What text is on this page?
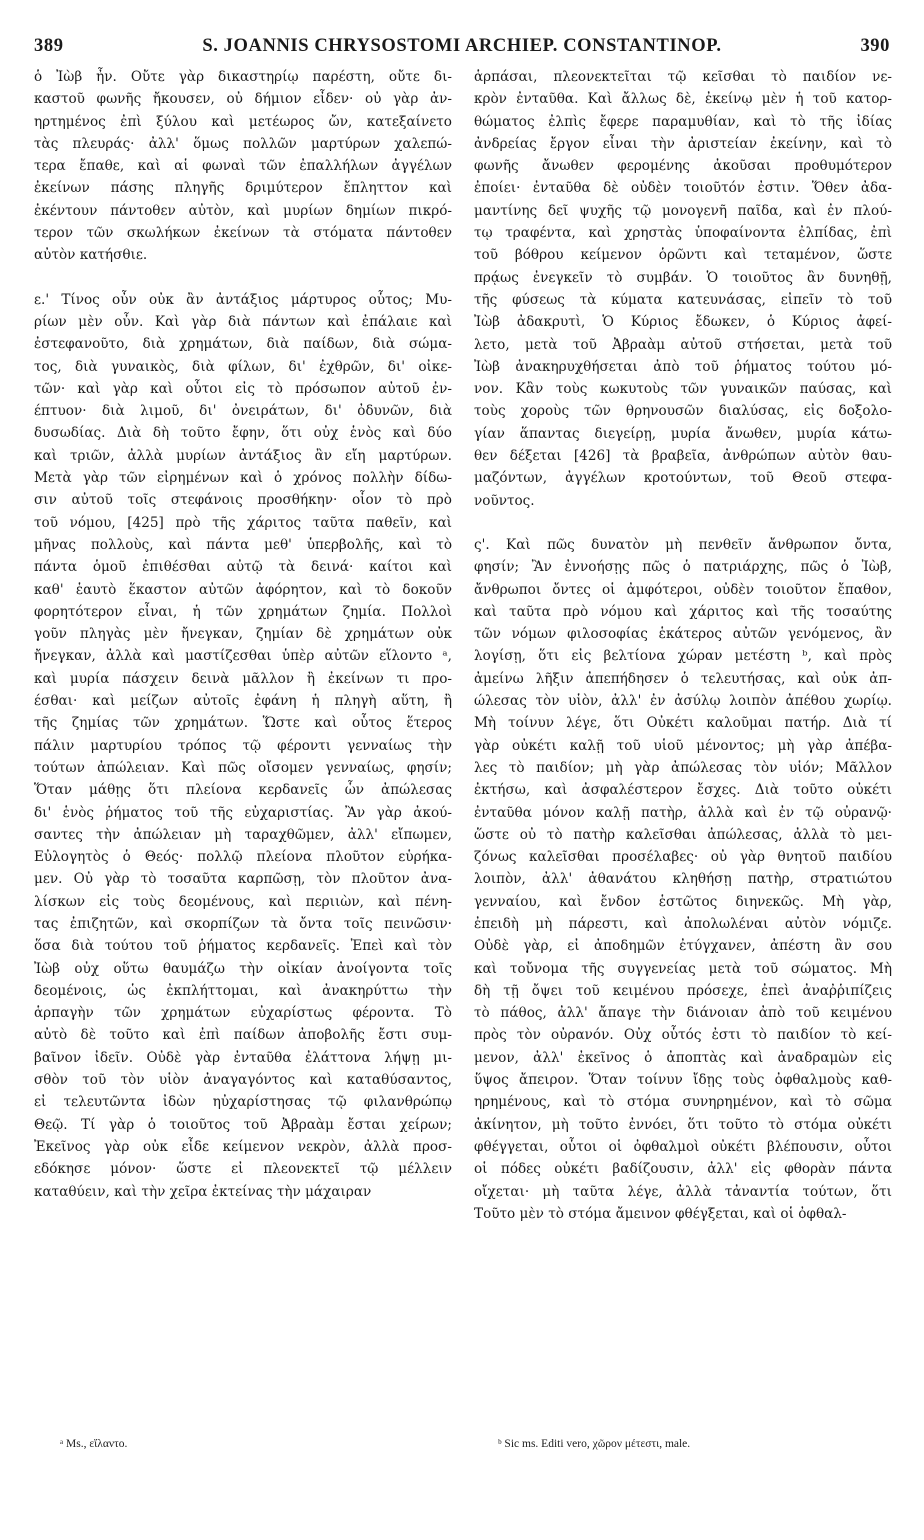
389	S. JOANNIS CHRYSOSTOMI ARCHIEP. CONSTANTINOP.	390
ὁ Ἰὼβ ἦν. Οὔτε γὰρ δικαστηρίῳ παρέστη, οὔτε δι-
καστοῦ φωνῆς ἤκουσεν, οὐ δήμιον εἶδεν· οὐ γὰρ ἀν-
ηρτημένος ἐπὶ ξύλου καὶ μετέωρος ὤν, κατεξαίνετο
τὰς πλευράς· ἀλλ' ὅμως πολλῶν μαρτύρων χαλεπώ-
τερα ἔπαθε, καὶ αἱ φωναὶ τῶν ἐπαλλήλων ἀγγέλων
ἐκείνων πάσης πληγῆς δριμύτερον ἔπληττον καὶ
ἐκέντουν πάντοθεν αὐτὸν, καὶ μυρίων δημίων πικρό-
τερον τῶν σκωλήκων ἐκείνων τὰ στόματα πάντοθεν
αὐτὸν κατήσθιε.
ε.' Τίνος οὖν οὐκ ἂν ἀντάξιος μάρτυρος οὗτος; Μυ-
ρίων μὲν οὖν. Καὶ γὰρ διὰ πάντων καὶ ἐπάλαιε καὶ
ἐστεφανοῦτο, διὰ χρημάτων, διὰ παίδων, διὰ σώμα-
τος, διὰ γυναικὸς, διὰ φίλων, δι' ἐχθρῶν, δι' οἰκε-
τῶν· καὶ γὰρ καὶ οὗτοι εἰς τὸ πρόσωπον αὐτοῦ ἐν-
έπτυον· διὰ λιμοῦ, δι' ὀνειράτων, δι' ὀδυνῶν, διὰ
δυσωδίας. Διὰ δὴ τοῦτο ἔφην, ὅτι οὐχ ἑνὸς καὶ δύο
καὶ τριῶν, ἀλλὰ μυρίων ἀντάξιος ἂν εἴη μαρτύρων.
Μετὰ γὰρ τῶν εἰρημένων καὶ ὁ χρόνος πολλὴν δίδω-
σιν αὐτοῦ τοῖς στεφάνοις προσθήκην· οἷον τὸ πρὸ
τοῦ νόμου, [425] πρὸ τῆς χάριτος ταῦτα παθεῖν, καὶ
μῆνας πολλοὺς, καὶ πάντα μεθ' ὑπερβολῆς, καὶ τὸ
πάντα ὁμοῦ ἐπιθέσθαι αὐτῷ τὰ δεινά· καίτοι καὶ
καθ' ἑαυτὸ ἕκαστον αὐτῶν ἀφόρητον, καὶ τὸ δοκοῦν
φορητότερον εἶναι, ἡ τῶν χρημάτων ζημία. Πολλοὶ
γοῦν πληγὰς μὲν ἤνεγκαν, ζημίαν δὲ χρημάτων οὐκ
ἤνεγκαν, ἀλλὰ καὶ μαστίζεσθαι ὑπὲρ αὐτῶν εἵλοντο ᵃ,
καὶ μυρία πάσχειν δεινὰ μᾶλλον ἢ ἐκείνων τι προ-
έσθαι· καὶ μείζων αὐτοῖς ἐφάνη ἡ πληγὴ αὕτη, ἢ
τῆς ζημίας τῶν χρημάτων. Ὥστε καὶ οὗτος ἕτερος
πάλιν μαρτυρίου τρόπος τῷ φέροντι γενναίως τὴν
τούτων ἀπώλειαν. Καὶ πῶς οἴσομεν γενναίως, φησίν;
Ὅταν μάθῃς ὅτι πλείονα κερδανεῖς ὧν ἀπώλεσας
δι' ἑνὸς ῥήματος τοῦ τῆς εὐχαριστίας. Ἂν γὰρ ἀκού-
σαντες τὴν ἀπώλειαν μὴ ταραχθῶμεν, ἀλλ' εἴπωμεν,
Εὐλογητὸς ὁ Θεός· πολλῷ πλείονα πλοῦτον εὑρήκα-
μεν. Οὐ γὰρ τὸ τοσαῦτα καρπῶσῃ, τὸν πλοῦτον ἀνα-
λίσκων εἰς τοὺς δεομένους, καὶ περιιὼν, καὶ πένη-
τας ἐπιζητῶν, καὶ σκορπίζων τὰ ὄντα τοῖς πεινῶσιν·
ὅσα διὰ τούτου τοῦ ῥήματος κερδανεῖς. Ἐπεὶ καὶ τὸν
Ἰὼβ οὐχ οὕτω θαυμάζω τὴν οἰκίαν ἀνοίγοντα τοῖς
δεομένοις, ὡς ἐκπλήττομαι, καὶ ἀνακηρύττω τὴν
ἁρπαγὴν τῶν χρημάτων εὐχαρίστως φέροντα. Τὸ
αὐτὸ δὲ τοῦτο καὶ ἐπὶ παίδων ἀποβολῆς ἔστι συμ-
βαῖνον ἰδεῖν. Οὐδὲ γὰρ ἐνταῦθα ἐλάττονα λήψῃ μι-
σθὸν τοῦ τὸν υἱὸν ἀναγαγόντος καὶ καταθύσαντος,
εἰ τελευτῶντα ἰδὼν ηὐχαρίστησας τῷ φιλανθρώπῳ
Θεῷ. Τί γὰρ ὁ τοιοῦτος τοῦ Ἀβραὰμ ἔσται χείρων;
Ἐκεῖνος γὰρ οὐκ εἶδε κείμενον νεκρὸν, ἀλλὰ προσ-
εδόκησε μόνον· ὥστε εἰ πλεονεκτεῖ τῷ μέλλειν
καταθύειν, καὶ τὴν χεῖρα ἐκτείνας τὴν μάχαιραν
ἁρπάσαι, πλεονεκτεῖται τῷ κεῖσθαι τὸ παιδίον νε-
κρὸν ἐνταῦθα. Καὶ ἄλλως δὲ, ἐκείνῳ μὲν ἡ τοῦ κατορ-
θώματος ἐλπὶς ἔφερε παραμυθίαν, καὶ τὸ τῆς ἰδίας
ἀνδρείας ἔργον εἶναι τὴν ἀριστείαν ἐκείνην, καὶ τὸ
φωνῆς ἄνωθεν φερομένης ἀκοῦσαι προθυμότερον
ἐποίει· ἐνταῦθα δὲ οὐδὲν τοιοῦτόν ἐστιν. Ὅθεν ἀδα-
μαντίνης δεῖ ψυχῆς τῷ μονογενῆ παῖδα, καὶ ἐν πλού-
τῳ τραφέντα, καὶ χρηστὰς ὑποφαίνοντα ἐλπίδας, ἐπὶ
τοῦ βόθρου κείμενον ὁρῶντι καὶ τεταμένον, ὥστε
πρᾴως ἐνεγκεῖν τὸ συμβάν. Ὁ τοιοῦτος ἂν δυνηθῇ,
τῆς φύσεως τὰ κύματα κατευνάσας, εἰπεῖν τὸ τοῦ
Ἰὼβ ἀδακρυτὶ, Ὁ Κύριος ἔδωκεν, ὁ Κύριος ἀφεί-
λετο, μετὰ τοῦ Ἀβραὰμ αὐτοῦ στήσεται, μετὰ τοῦ
Ἰὼβ ἀνακηρυχθήσεται ἀπὸ τοῦ ῥήματος τούτου μό-
νον. Κἂν τοὺς κωκυτοὺς τῶν γυναικῶν παύσας, καὶ
τοὺς χοροὺς τῶν θρηνουσῶν διαλύσας, εἰς δοξολο-
γίαν ἅπαντας διεγείρῃ, μυρία ἄνωθεν, μυρία κάτω-
θεν δέξεται [426] τὰ βραβεῖα, ἀνθρώπων αὐτὸν θαυ-
μαζόντων, ἀγγέλων κροτούντων, τοῦ Θεοῦ στεφα-
νοῦντος.
ς'. Καὶ πῶς δυνατὸν μὴ πενθεῖν ἄνθρωπον ὄντα,
φησίν; Ἂν ἐννοήσῃς πῶς ὁ πατριάρχης, πῶς ὁ Ἰὼβ,
ἄνθρωποι ὄντες οἱ ἀμφότεροι, οὐδὲν τοιοῦτον ἔπαθον,
καὶ ταῦτα πρὸ νόμου καὶ χάριτος καὶ τῆς τοσαύτης
τῶν νόμων φιλοσοφίας ἑκάτερος αὐτῶν γενόμενος, ἂν
λογίσῃ, ὅτι εἰς βελτίονα χώραν μετέστη ᵇ, καὶ πρὸς
ἀμείνω λῆξιν ἀπεπήδησεν ὁ τελευτήσας, καὶ οὐκ ἀπ-
ώλεσας τὸν υἱὸν, ἀλλ' ἐν ἀσύλῳ λοιπὸν ἀπέθου χωρίῳ.
Μὴ τοίνυν λέγε, ὅτι Οὐκέτι καλοῦμαι πατήρ. Διὰ τί
γὰρ οὐκέτι καλῇ τοῦ υἱοῦ μένοντος; μὴ γὰρ ἀπέβα-
λες τὸ παιδίον; μὴ γὰρ ἀπώλεσας τὸν υἱόν; Μᾶλλον
ἐκτήσω, καὶ ἀσφαλέστερον ἔσχες. Διὰ τοῦτο οὐκέτι
ἐνταῦθα μόνον καλῇ πατὴρ, ἀλλὰ καὶ ἐν τῷ οὐρανῷ·
ὥστε οὐ τὸ πατὴρ καλεῖσθαι ἀπώλεσας, ἀλλὰ τὸ μει-
ζόνως καλεῖσθαι προσέλαβες· οὐ γὰρ θνητοῦ παιδίου
λοιπὸν, ἀλλ' ἀθανάτου κληθήσῃ πατὴρ, στρατιώτου
γενναίου, καὶ ἔνδον ἑστῶτος διηνεκῶς. Μὴ γὰρ,
ἐπειδὴ μὴ πάρεστι, καὶ ἀπολωλέναι αὐτὸν νόμιζε.
Οὐδὲ γὰρ, εἰ ἀποδημῶν ἐτύγχανεν, ἀπέστη ἂν σου
καὶ τοὔνομα τῆς συγγενείας μετὰ τοῦ σώματος. Μὴ
δὴ τῇ ὄψει τοῦ κειμένου πρόσεχε, ἐπεὶ ἀναῤῥιπίζεις
τὸ πάθος, ἀλλ' ἄπαγε τὴν διάνοιαν ἀπὸ τοῦ κειμένου
πρὸς τὸν οὐρανόν. Οὐχ οὗτός ἐστι τὸ παιδίον τὸ κεί-
μενον, ἀλλ' ἐκεῖνος ὁ ἀποπτὰς καὶ ἀναδραμὼν εἰς
ὕψος ἄπειρον. Ὅταν τοίνυν ἴδῃς τοὺς ὀφθαλμοὺς καθ-
ηρημένους, καὶ τὸ στόμα συνηρημένον, καὶ τὸ σῶμα
ἀκίνητον, μὴ τοῦτο ἐννόει, ὅτι τοῦτο τὸ στόμα οὐκέτι
φθέγγεται, οὗτοι οἱ ὀφθαλμοὶ οὐκέτι βλέπουσιν, οὗτοι
οἱ πόδες οὐκέτι βαδίζουσιν, ἀλλ' εἰς φθορὰν πάντα
οἴχεται· μὴ ταῦτα λέγε, ἀλλὰ τἀναντία τούτων, ὅτι
Τοῦτο μὲν τὸ στόμα ἄμεινον φθέγξεται, καὶ οἱ ὀφθαλ-
ᵃ Ms., εἵλαντο.	ᵇ Sic ms. Editi vero, χῶρον μέτεστι, male.
